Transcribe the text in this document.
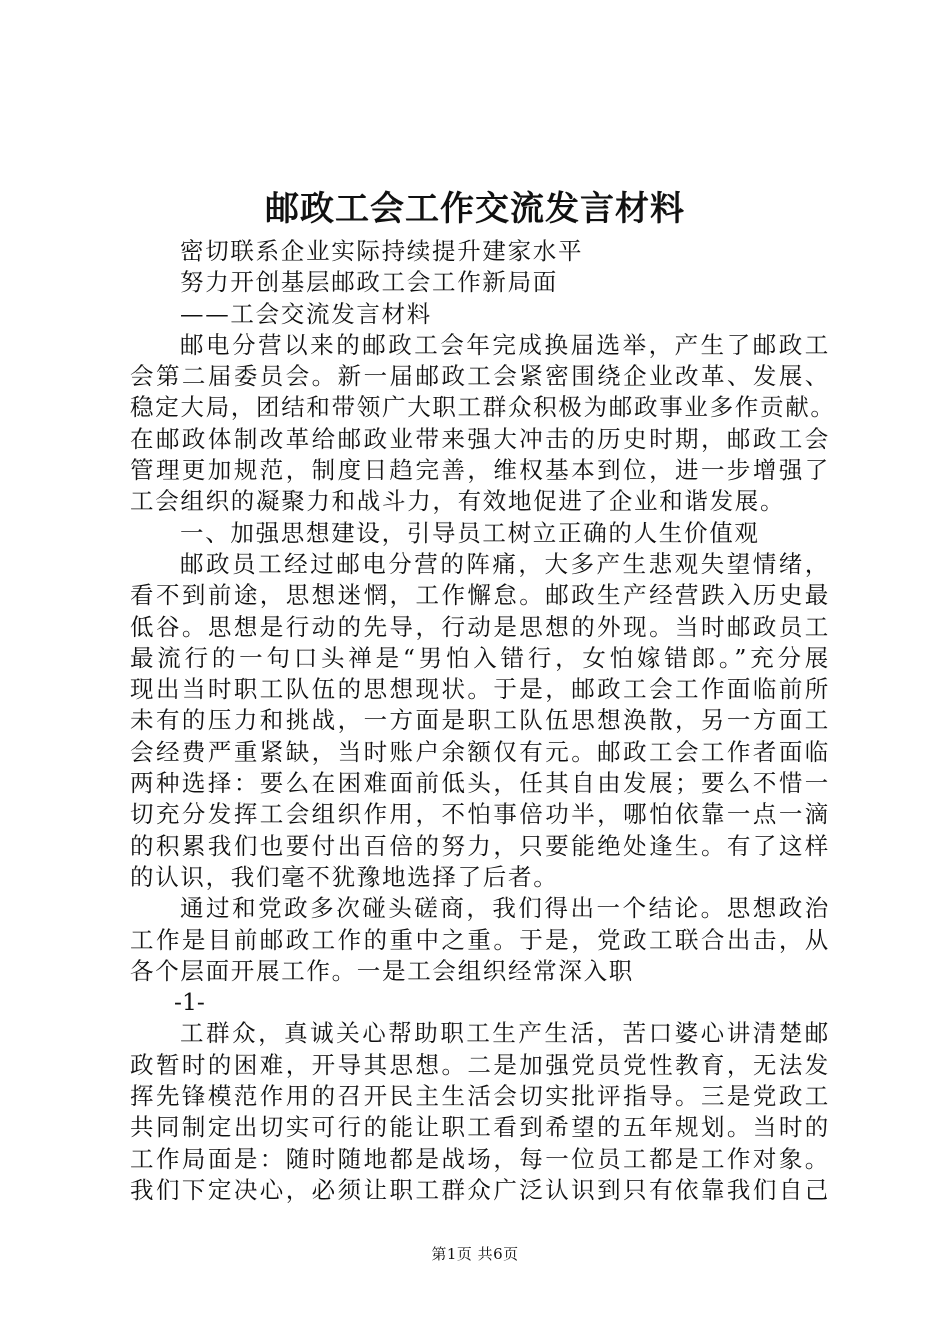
邮政工会工作交流发言材料
密切联系企业实际持续提升建家水平
努力开创基层邮政工会工作新局面
——工会交流发言材料
邮电分营以来的邮政工会年完成换届选举，产生了邮政工
会第二届委员会。新一届邮政工会紧密围绕企业改革、发展、
稳定大局，团结和带领广大职工群众积极为邮政事业多作贡献。
在邮政体制改革给邮政业带来强大冲击的历史时期，邮政工会
管理更加规范，制度日趋完善，维权基本到位，进一步增强了
工会组织的凝聚力和战斗力，有效地促进了企业和谐发展。
一、加强思想建设，引导员工树立正确的人生价值观
邮政员工经过邮电分营的阵痛，大多产生悲观失望情绪，
看不到前途，思想迷惘，工作懈怠。邮政生产经营跌入历史最
低谷。思想是行动的先导，行动是思想的外现。当时邮政员工
最流行的一句口头禅是“男怕入错行，女怕嫁错郎。”充分展
现出当时职工队伍的思想现状。于是，邮政工会工作面临前所
未有的压力和挑战，一方面是职工队伍思想涣散，另一方面工
会经费严重紧缺，当时账户余额仅有元。邮政工会工作者面临
两种选择：要么在困难面前低头，任其自由发展；要么不惜一
切充分发挥工会组织作用，不怕事倍功半，哪怕依靠一点一滴
的积累我们也要付出百倍的努力，只要能绝处逢生。有了这样
的认识，我们毫不犹豫地选择了后者。
通过和党政多次碰头磋商，我们得出一个结论。思想政治
工作是目前邮政工作的重中之重。于是，党政工联合出击，从
各个层面开展工作。一是工会组织经常深入职
-1-
工群众，真诚关心帮助职工生产生活，苦口婆心讲清楚邮
政暂时的困难，开导其思想。二是加强党员党性教育，无法发
挥先锋模范作用的召开民主生活会切实批评指导。三是党政工
共同制定出切实可行的能让职工看到希望的五年规划。当时的
工作局面是：随时随地都是战场，每一位员工都是工作对象。
我们下定决心，必须让职工群众广泛认识到只有依靠我们自己
第1页 共6页
